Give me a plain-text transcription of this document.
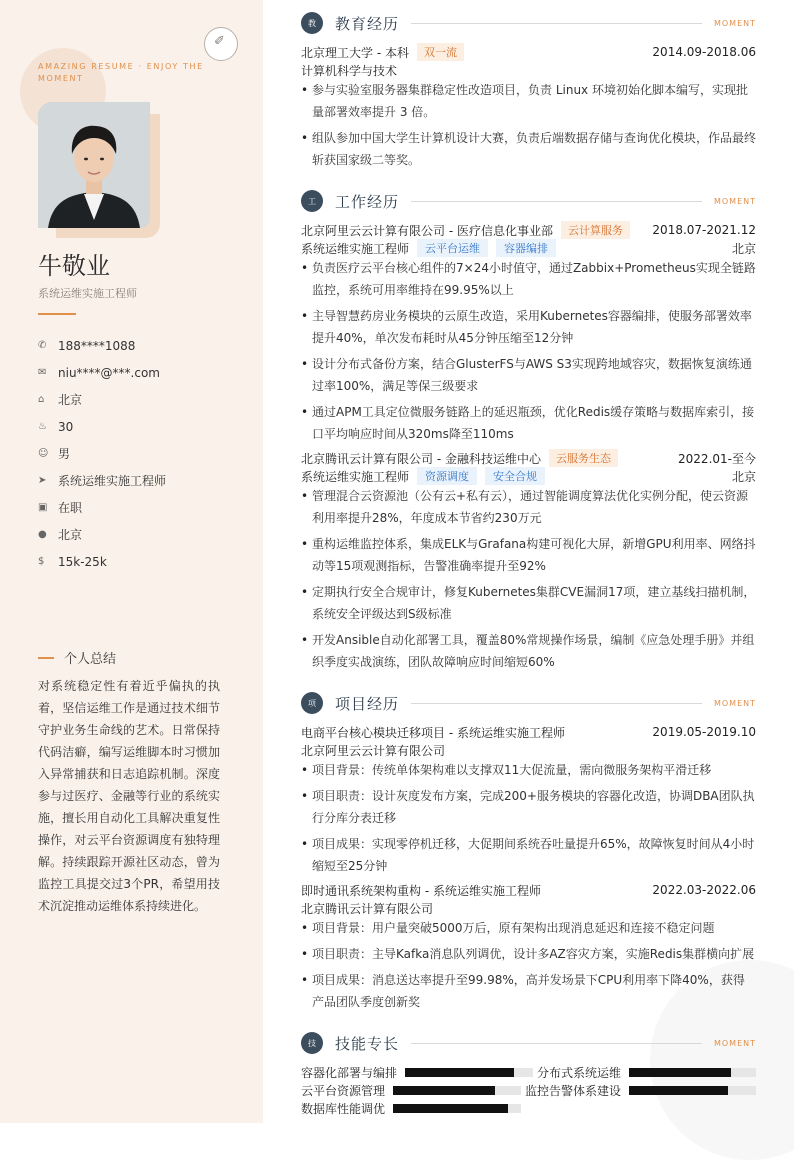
AMAZING RESUME · ENJOY THE MOMENT
✐
牛敬业
系统运维实施工程师
✆ 188****1088
✉ niu****@***.com
⌂	北京
♨ 30
☺ 男
➤ 系统运维实施工程师
▣ 在职
● 北京
$	15k-25k
个人总结
对系统稳定性有着近乎偏执的执着，坚信运维工作是通过技术细节守护业务生命线的艺术。日常保持代码洁癖，编写运维脚本时习惯加入异常捕获和日志追踪机制。深度参与过医疗、金融等行业的系统实施，擅长用自动化工具解决重复性操作，对云平台资源调度有独特理解。持续跟踪开源社区动态，曾为监控工具提交过3个PR，希望用技术沉淀推动运维体系持续进化。
教	教育经历	MOMENT
北京理工大学 - 本科	双一流	2014.09-2018.06
计算机科学与技术
• 参与实验室服务器集群稳定性改造项目，负责 Linux 环境初始化脚本编写，实现批量部署效率提升 3 倍。
• 组队参加中国大学生计算机设计大赛，负责后端数据存储与查询优化模块，作品最终斩获国家级二等奖。
工	工作经历	MOMENT
北京阿里云云计算有限公司 - 医疗信息化事业部	云计算服务	2018.07-2021.12
系统运维实施工程师	云平台运维	容器编排	北京
• 负责医疗云平台核心组件的7×24小时值守，通过Zabbix+Prometheus实现全链路监控，系统可用率维持在99.95%以上
• 主导智慧药房业务模块的云原生改造，采用Kubernetes容器编排，使服务部署效率提升40%，单次发布耗时从45分钟压缩至12分钟
• 设计分布式备份方案，结合GlusterFS与AWS S3实现跨地域容灾，数据恢复演练通过率100%，满足等保三级要求
• 通过APM工具定位微服务链路上的延迟瓶颈，优化Redis缓存策略与数据库索引，接口平均响应时间从320ms降至110ms
北京腾讯云计算有限公司 - 金融科技运维中心	云服务生态	2022.01-至今
系统运维实施工程师	资源调度	安全合规	北京
• 管理混合云资源池（公有云+私有云），通过智能调度算法优化实例分配，使云资源利用率提升28%，年度成本节省约230万元
• 重构运维监控体系，集成ELK与Grafana构建可视化大屏，新增GPU利用率、网络抖动等15项观测指标，告警准确率提升至92%
• 定期执行安全合规审计，修复Kubernetes集群CVE漏洞17项，建立基线扫描机制，系统安全评级达到S级标准
• 开发Ansible自动化部署工具，覆盖80%常规操作场景，编制《应急处理手册》并组织季度实战演练，团队故障响应时间缩短60%
项	项目经历	MOMENT
电商平台核心模块迁移项目 - 系统运维实施工程师	2019.05-2019.10
北京阿里云云计算有限公司
• 项目背景：传统单体架构难以支撑双11大促流量，需向微服务架构平滑迁移
• 项目职责：设计灰度发布方案，完成200+服务模块的容器化改造，协调DBA团队执行分库分表迁移
• 项目成果：实现零停机迁移，大促期间系统吞吐量提升65%，故障恢复时间从4小时缩短至25分钟
即时通讯系统架构重构 - 系统运维实施工程师	2022.03-2022.06
北京腾讯云计算有限公司
• 项目背景：用户量突破5000万后，原有架构出现消息延迟和连接不稳定问题
• 项目职责：主导Kafka消息队列调优，设计多AZ容灾方案，实施Redis集群横向扩展
• 项目成果：消息送达率提升至99.98%，高并发场景下CPU利用率下降40%，获得产品团队季度创新奖
技	技能专长	MOMENT
容器化部署与编排	分布式系统运维
云平台资源管理	监控告警体系建设
数据库性能调优
